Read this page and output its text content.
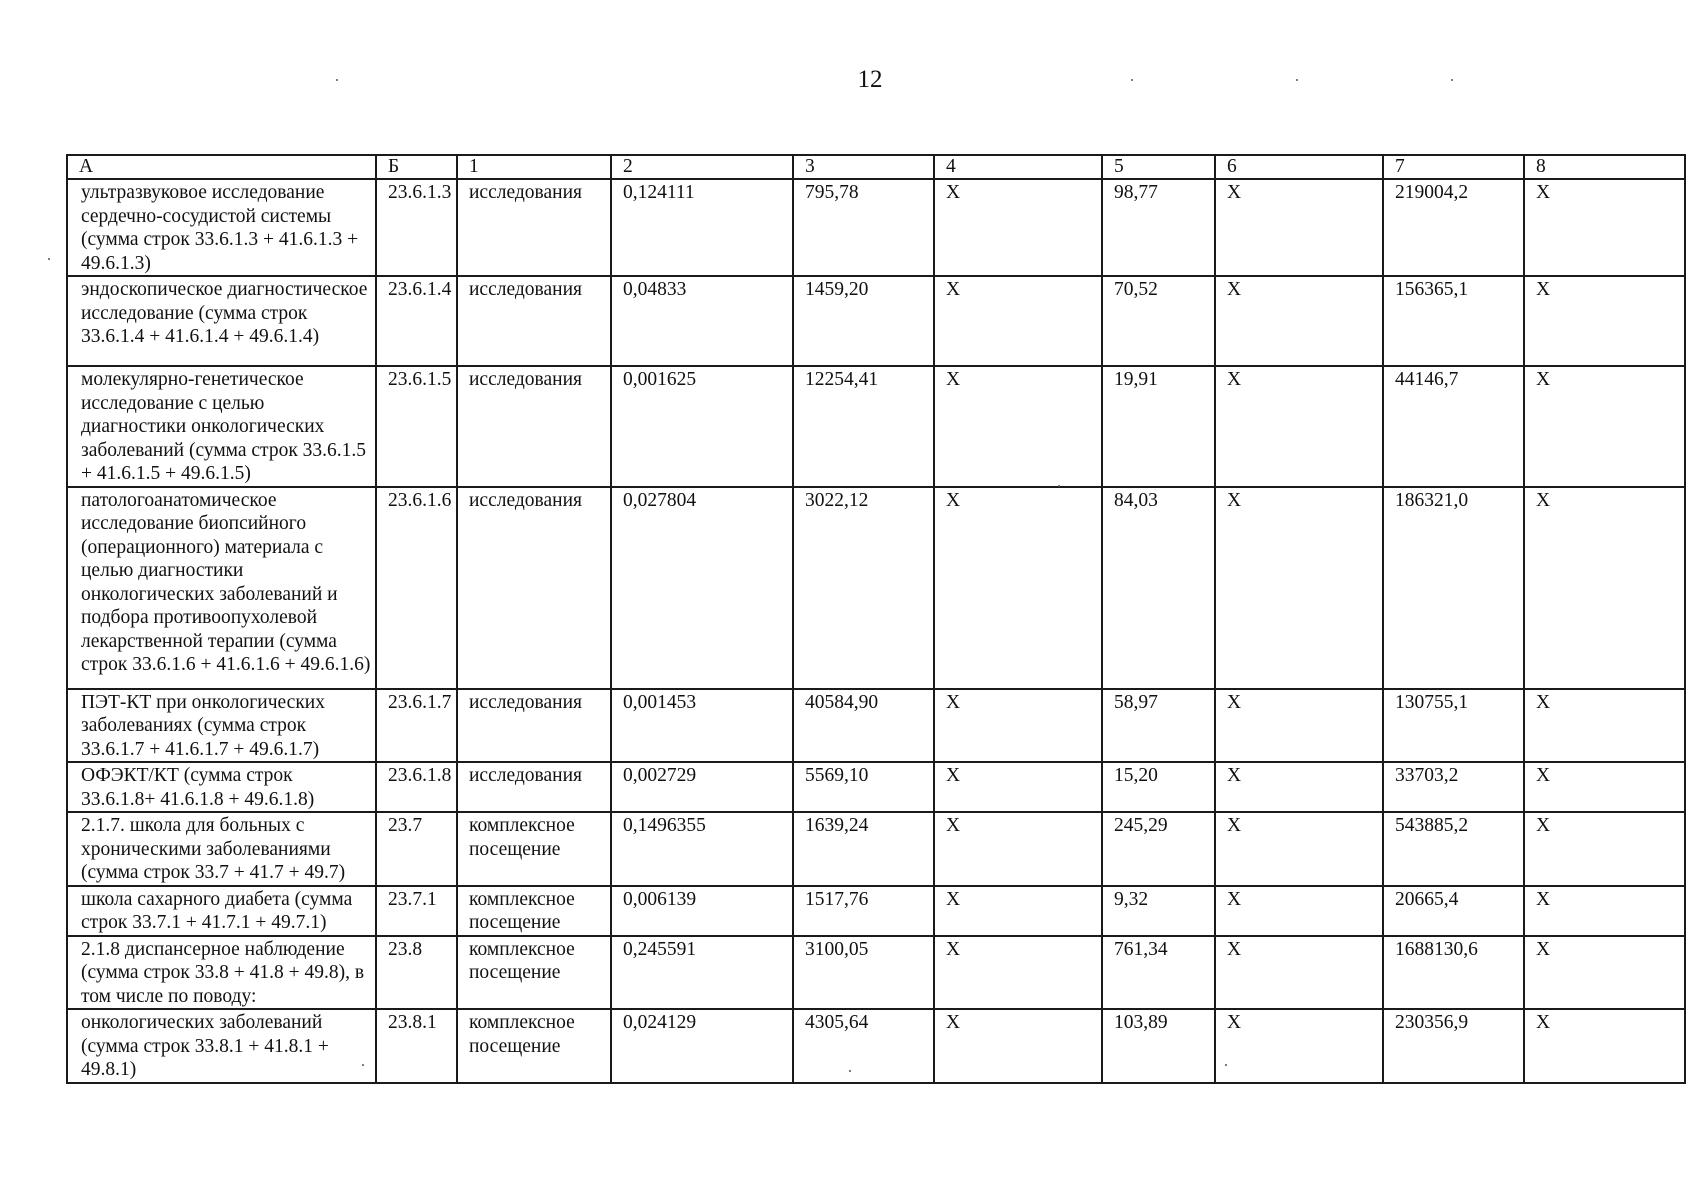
12
А	Б	1	2	3	4	5	6	7	8
ультразвуковое исследование сердечно-сосудистой системы (сумма строк 33.6.1.3 + 41.6.1.3 + 49.6.1.3)	23.6.1.3	исследования	0,124111	795,78	X	98,77	X	219004,2	X
эндоскопическое диагностическое исследование (сумма строк 33.6.1.4 + 41.6.1.4 + 49.6.1.4)	23.6.1.4	исследования	0,04833	1459,20	X	70,52	X	156365,1	X
молекулярно-генетическое исследование с целью диагностики онкологических заболеваний (сумма строк 33.6.1.5 + 41.6.1.5 + 49.6.1.5)	23.6.1.5	исследования	0,001625	12254,41	X	19,91	X	44146,7	X
патологоанатомическое исследование биопсийного (операционного) материала с целью диагностики онкологических заболеваний и подбора противоопухолевой лекарственной терапии (сумма строк 33.6.1.6 + 41.6.1.6 + 49.6.1.6)	23.6.1.6	исследования	0,027804	3022,12	X	84,03	X	186321,0	X
ПЭТ-КТ при онкологических заболеваниях (сумма строк 33.6.1.7 + 41.6.1.7 + 49.6.1.7)	23.6.1.7	исследования	0,001453	40584,90	X	58,97	X	130755,1	X
ОФЭКТ/КТ (сумма строк 33.6.1.8+ 41.6.1.8 + 49.6.1.8)	23.6.1.8	исследования	0,002729	5569,10	X	15,20	X	33703,2	X
2.1.7. школа для больных с хроническими заболеваниями (сумма строк 33.7 + 41.7 + 49.7)	23.7	комплексное посещение	0,1496355	1639,24	X	245,29	X	543885,2	X
школа сахарного диабета (сумма строк 33.7.1 + 41.7.1 + 49.7.1)	23.7.1	комплексное посещение	0,006139	1517,76	X	9,32	X	20665,4	X
2.1.8 диспансерное наблюдение (сумма строк 33.8 + 41.8 + 49.8), в том числе по поводу:	23.8	комплексное посещение	0,245591	3100,05	X	761,34	X	1688130,6	X
онкологических заболеваний (сумма строк 33.8.1 + 41.8.1 + 49.8.1)	23.8.1	комплексное посещение	0,024129	4305,64	X	103,89	X	230356,9	X
